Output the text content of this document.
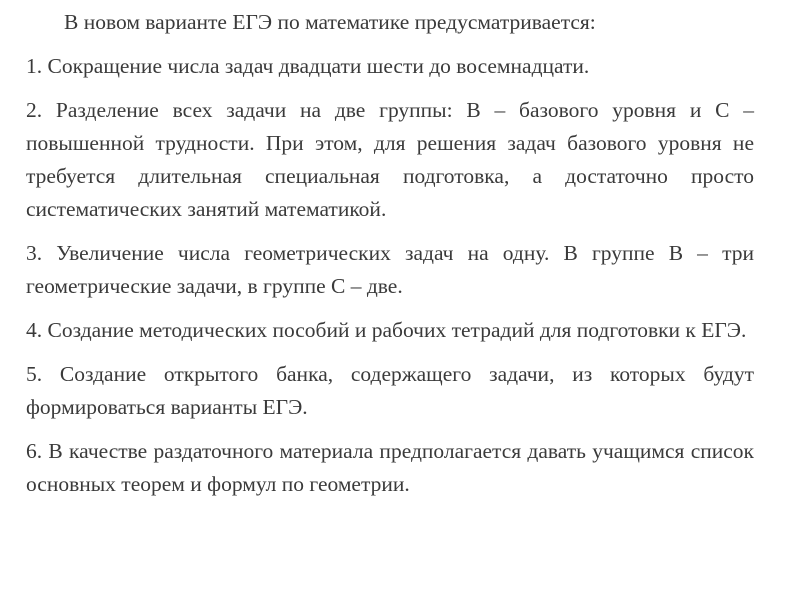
В новом варианте ЕГЭ по математике предусматривается:
1. Сокращение числа задач двадцати шести до восемнадцати.
2. Разделение всех задачи на две группы: В – базового уровня и С – повышенной трудности. При этом, для решения задач базового уровня не требуется длительная специальная подготовка, а достаточно просто систематических занятий математикой.
3. Увеличение числа геометрических задач на одну. В группе В – три геометрические задачи, в группе С – две.
4. Создание методических пособий и рабочих тетрадий для подготовки к ЕГЭ.
5. Создание открытого банка, содержащего задачи, из которых будут формироваться варианты ЕГЭ.
6. В качестве раздаточного материала предполагается давать учащимся список основных теорем и формул по геометрии.
